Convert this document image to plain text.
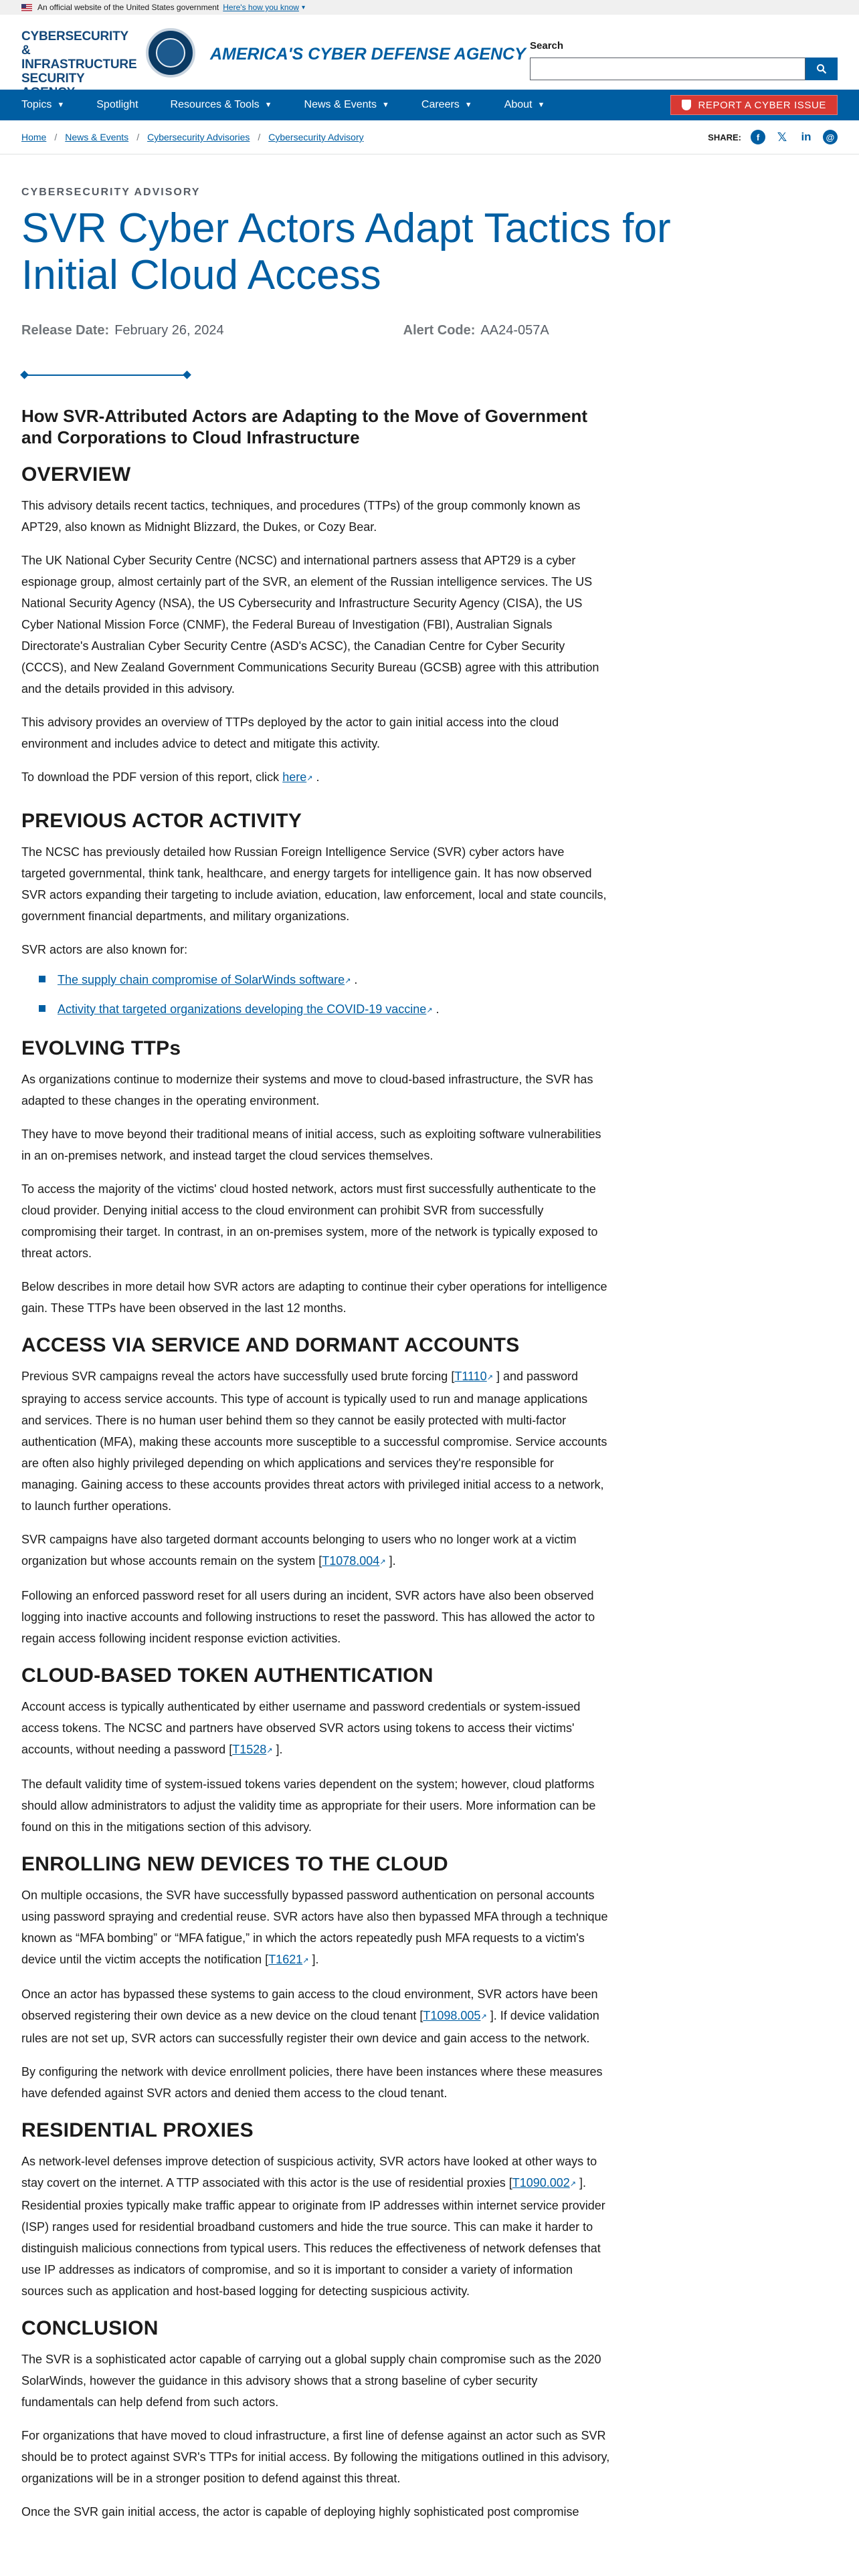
An official website of the United States government Here's how you know ▾
CYBERSECURITY & INFRASTRUCTURE SECURITY
AMERICA'S CYBER DEFENSE AGENCY Search
Topics ▼	Spotlight	Resources & Tools ▼	News & Events ▼	Careers ▼	About ▼	REPORT A CYBER ISSUE
Home / News & Events / Cybersecurity Advisories / Cybersecurity Advisory	SHARE:	f	𝕏 in	@
CYBERSECURITY ADVISORY
SVR Cyber Actors Adapt Tactics for Initial Cloud Access
Release Date: February 26, 2024	Alert Code: AA24-057A
How SVR-Attributed Actors are Adapting to the Move of Government and Corporations to Cloud Infrastructure
OVERVIEW

This advisory details recent tactics, techniques, and procedures (TTPs) of the group commonly known as APT29, also known as Midnight Blizzard, the Dukes, or Cozy Bear.

The UK National Cyber Security Centre (NCSC) and international partners assess that APT29 is a cyber espionage group, almost certainly part of the SVR, an element of the Russian intelligence services. The US National Security Agency (NSA), the US Cybersecurity and Infrastructure Security Agency (CISA), the US Cyber National Mission Force (CNMF), the Federal Bureau of Investigation (FBI), Australian Signals Directorate's Australian Cyber Security Centre (ASD's ACSC), the Canadian Centre for Cyber Security (CCCS), and New Zealand Government Communications Security Bureau (GCSB) agree with this attribution and the details provided in this advisory.

This advisory provides an overview of TTPs deployed by the actor to gain initial access into the cloud environment and includes advice to detect and mitigate this activity.

To download the PDF version of this report, click here↗ .

PREVIOUS ACTOR ACTIVITY

The NCSC has previously detailed how Russian Foreign Intelligence Service (SVR) cyber actors have targeted governmental, think tank, healthcare, and energy targets for intelligence gain. It has now observed SVR actors expanding their targeting to include aviation, education, law enforcement, local and state councils, government financial departments, and military organizations.

SVR actors are also known for:

The supply chain compromise of SolarWinds software↗ .
Activity that targeted organizations developing the COVID-19 vaccine↗ .
EVOLVING TTPs

As organizations continue to modernize their systems and move to cloud-based infrastructure, the SVR has adapted to these changes in the operating environment.

They have to move beyond their traditional means of initial access, such as exploiting software vulnerabilities in an on-premises network, and instead target the cloud services themselves.

To access the majority of the victims' cloud hosted network, actors must first successfully authenticate to the cloud provider. Denying initial access to the cloud environment can prohibit SVR from successfully compromising their target. In contrast, in an on-premises system, more of the network is typically exposed to threat actors.

Below describes in more detail how SVR actors are adapting to continue their cyber operations for intelligence gain. These TTPs have been observed in the last 12 months.

ACCESS VIA SERVICE AND DORMANT ACCOUNTS

Previous SVR campaigns reveal the actors have successfully used brute forcing [T1110↗ ] and password spraying to access service accounts. This type of account is typically used to run and manage applications and services. There is no human user behind them so they cannot be easily protected with multi-factor authentication (MFA), making these accounts more susceptible to a successful compromise. Service accounts are often also highly privileged depending on which applications and services they're responsible for managing. Gaining access to these accounts provides threat actors with privileged initial access to a network, to launch further operations.

SVR campaigns have also targeted dormant accounts belonging to users who no longer work at a victim organization but whose accounts remain on the system [T1078.004↗ ].

Following an enforced password reset for all users during an incident, SVR actors have also been observed logging into inactive accounts and following instructions to reset the password. This has allowed the actor to regain access following incident response eviction activities.

CLOUD-BASED TOKEN AUTHENTICATION

Account access is typically authenticated by either username and password credentials or system-issued access tokens. The NCSC and partners have observed SVR actors using tokens to access their victims' accounts, without needing a password [T1528↗ ].

The default validity time of system-issued tokens varies dependent on the system; however, cloud platforms should allow administrators to adjust the validity time as appropriate for their users. More information can be found on this in the mitigations section of this advisory.

ENROLLING NEW DEVICES TO THE CLOUD

On multiple occasions, the SVR have successfully bypassed password authentication on personal accounts using password spraying and credential reuse. SVR actors have also then bypassed MFA through a technique known as “MFA bombing” or “MFA fatigue,” in which the actors repeatedly push MFA requests to a victim's device until the victim accepts the notification [T1621↗ ].

Once an actor has bypassed these systems to gain access to the cloud environment, SVR actors have been observed registering their own device as a new device on the cloud tenant [T1098.005↗ ]. If device validation rules are not set up, SVR actors can successfully register their own device and gain access to the network.

By configuring the network with device enrollment policies, there have been instances where these measures have defended against SVR actors and denied them access to the cloud tenant.

RESIDENTIAL PROXIES

As network-level defenses improve detection of suspicious activity, SVR actors have looked at other ways to stay covert on the internet. A TTP associated with this actor is the use of residential proxies [T1090.002↗ ]. Residential proxies typically make traffic appear to originate from IP addresses within internet service provider (ISP) ranges used for residential broadband customers and hide the true source. This can make it harder to distinguish malicious connections from typical users. This reduces the effectiveness of network defenses that use IP addresses as indicators of compromise, and so it is important to consider a variety of information sources such as application and host-based logging for detecting suspicious activity.

CONCLUSION

The SVR is a sophisticated actor capable of carrying out a global supply chain compromise such as the 2020 SolarWinds, however the guidance in this advisory shows that a strong baseline of cyber security fundamentals can help defend from such actors.

For organizations that have moved to cloud infrastructure, a first line of defense against an actor such as SVR should be to protect against SVR's TTPs for initial access. By following the mitigations outlined in this advisory, organizations will be in a stronger position to defend against this threat.

Once the SVR gain initial access, the actor is capable of deploying highly sophisticated post compromise
